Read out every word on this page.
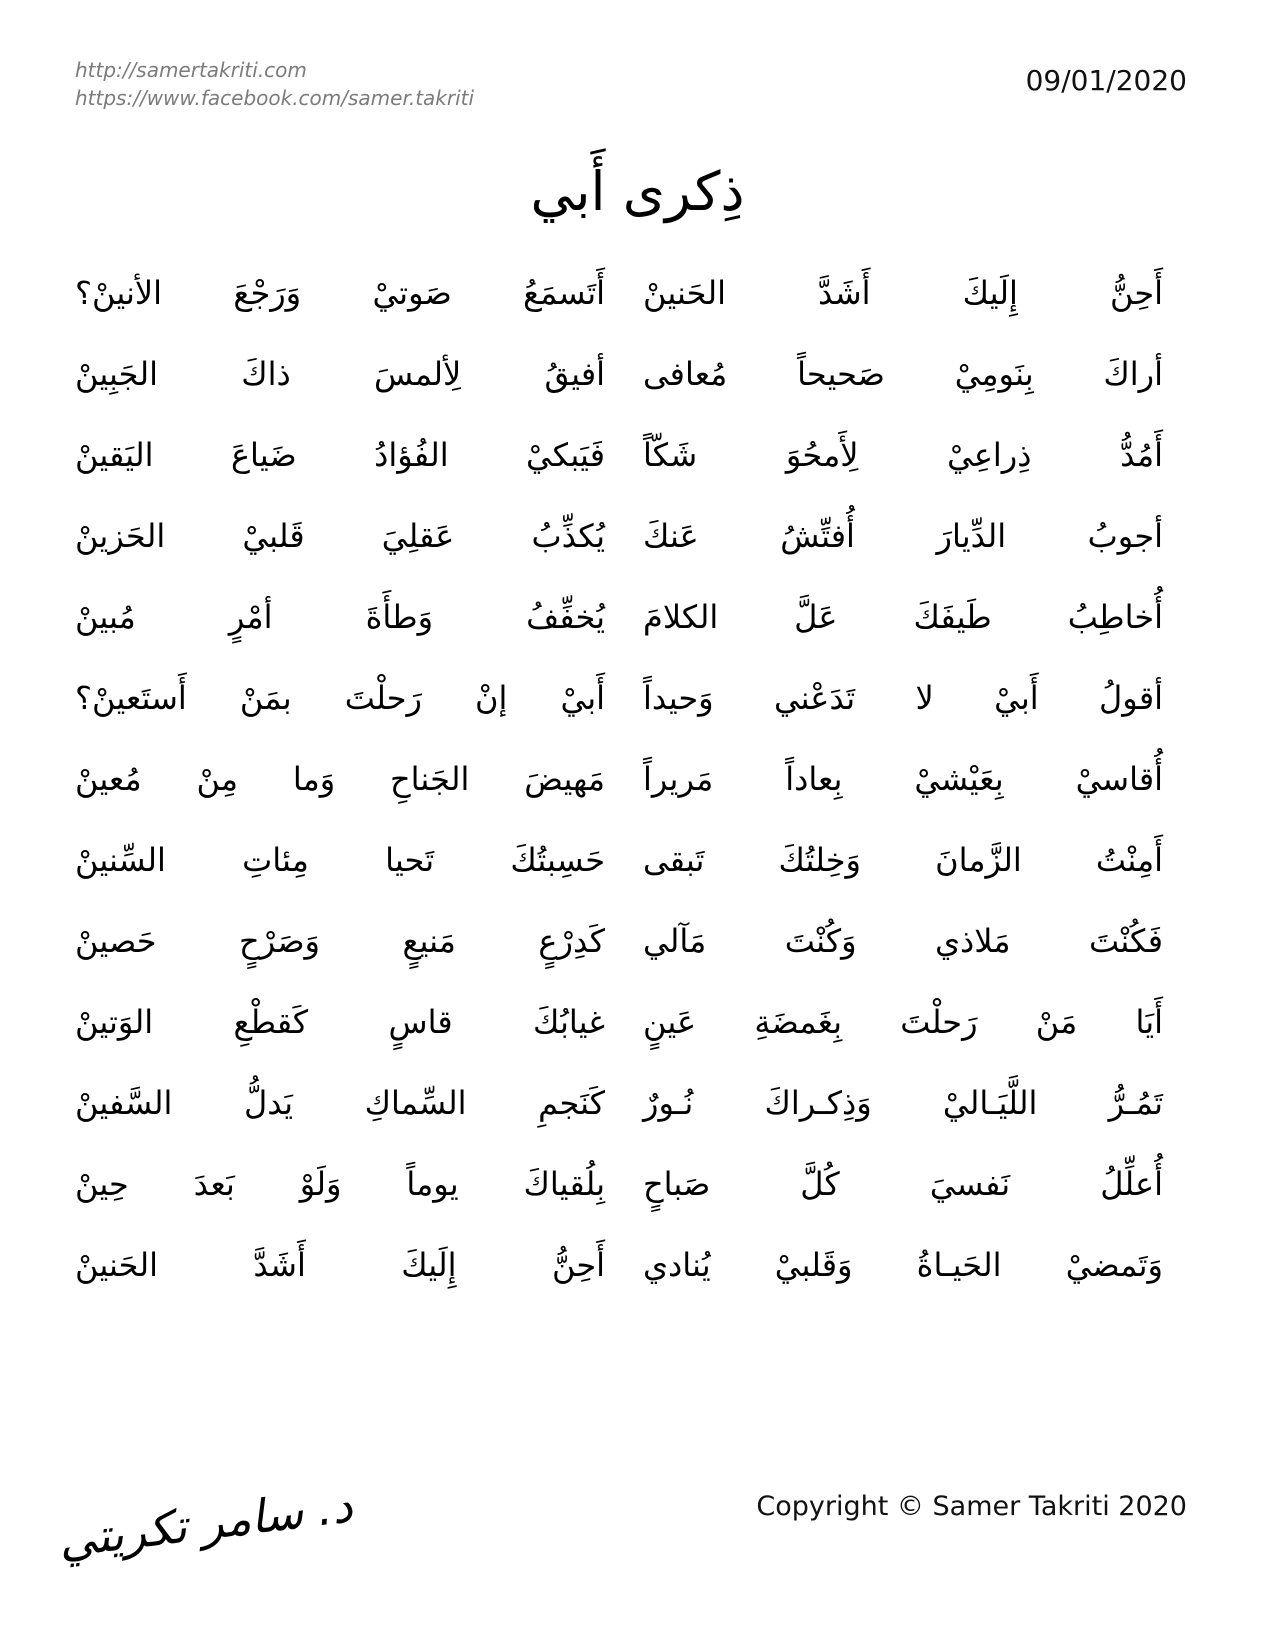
http://samertakriti.com
https://www.facebook.com/samer.takriti
09/01/2020
ذِكرى أَبي
أَحِنُّ إِلَيكَ أَشَدَّ الحَنينْ
أَتَسمَعُ صَوتيْ وَرَجْعَ الأنينْ؟
أراكَ بِنَومِيْ صَحيحاً مُعافى
أفيقُ لِألمسَ ذاكَ الجَبِينْ
أَمُدُّ ذِراعِيْ لِأَمحُوَ شَكّاً
فَيَبكيْ الفُؤادُ ضَياعَ اليَقينْ
أجوبُ الدِّيارَ أُفتِّشُ عَنكَ
يُكذِّبُ عَقلِيَ قَلبيْ الحَزينْ
أُخاطِبُ طَيفَكَ عَلَّ الكلامَ
يُخفِّفُ وَطأَةَ أمْرٍ مُبينْ
أقولُ أَبيْ لا تَدَعْني وَحيداً
أَبيْ إنْ رَحلْتَ بمَنْ أَستَعينْ؟
أُقاسيْ بِعَيْشيْ بِعاداً مَريراً
مَهيضَ الجَناحِ وَما مِنْ مُعينْ
أَمِنْتُ الزَّمانَ وَخِلتُكَ تَبقى
حَسِبتُكَ تَحيا مِئاتِ السِّنينْ
فَكُنْتَ مَلاذي وَكُنْتَ مَآلي
كَدِرْعٍ مَنيعٍ وَصَرْحٍ حَصينْ
أَيَا مَنْ رَحلْتَ بِغَمضَةِ عَينٍ
غيابُكَ قاسٍ كَقطْعِ الوَتينْ
تَمُـرُّ اللَّيَـاليْ وَذِكـراكَ نُـورٌ
كَنَجمِ السِّماكِ يَدلُّ السَّفينْ
أُعلِّلُ نَفسيَ كُلَّ صَباحٍ
بِلُقياكَ يوماً وَلَوْ بَعدَ حِينْ
وَتَمضيْ الحَيـاةُ وَقَلبيْ يُنادي
أَحِنُّ إِلَيكَ أَشَدَّ الحَنينْ
د. سامر تكريتي	Copyright © Samer Takriti 2020
